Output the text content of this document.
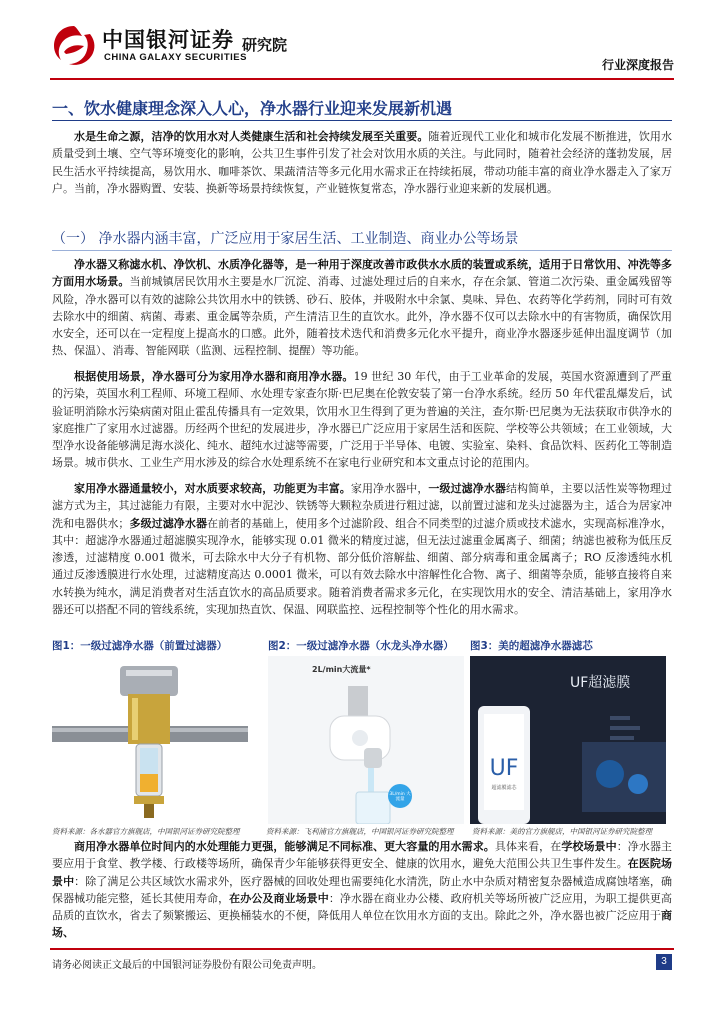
中国银河证券
CHINA GALAXY SECURITIES
研究院
行业深度报告
一、饮水健康理念深入人心，净水器行业迎来发展新机遇

水是生命之源，洁净的饮用水对人类健康生活和社会持续发展至关重要。随着近现代工业化和城市化发展不断推进，饮用水质量受到土壤、空气等环境变化的影响，公共卫生事件引发了社会对饮用水质的关注。与此同时，随着社会经济的蓬勃发展，居民生活水平持续提高，易饮用水、咖啡茶饮、果蔬清洁等多元化用水需求正在持续拓展，带动功能丰富的商业净水器走入了家万户。当前，净水器购置、安装、换新等场景持续恢复，产业链恢复常态，净水器行业迎来新的发展机遇。

（一） 净水器内涵丰富，广泛应用于家居生活、工业制造、商业办公等场景

净水器又称滤水机、净饮机、水质净化器等，是一种用于深度改善市政供水水质的装置或系统，适用于日常饮用、冲洗等多方面用水场景。当前城镇居民饮用水主要是水厂沉淀、消毒、过滤处理过后的自来水，存在余氯、管道二次污染、重金属残留等风险，净水器可以有效的滤除公共饮用水中的铁锈、砂石、胶体，并吸附水中余氯、臭味、异色、农药等化学药剂，同时可有效去除水中的细菌、病菌、毒素、重金属等杂质，产生清洁卫生的直饮水。此外，净水器不仅可以去除水中的有害物质，确保饮用水安全，还可以在一定程度上提高水的口感。此外，随着技术迭代和消费多元化水平提升，商业净水器逐步延伸出温度调节（加热、保温）、消毒、智能网联（监测、远程控制、提醒）等功能。

根据使用场景，净水器可分为家用净水器和商用净水器。19 世纪 30 年代，由于工业革命的发展，英国水资源遭到了严重的污染，英国水利工程师、环境工程师、水处理专家查尔斯·巴尼奥在伦敦安装了第一台净水系统。经历 50 年代霍乱爆发后，试验证明消除水污染病菌对阻止霍乱传播具有一定效果，饮用水卫生得到了更为普遍的关注，查尔斯·巴尼奥为无法获取市供净水的家庭推广了家用水过滤器。历经两个世纪的发展进步，净水器已广泛应用于家居生活和医院、学校等公共领域；在工业领域，大型净水设备能够满足海水淡化、纯水、超纯水过滤等需要，广泛用于半导体、电镀、实验室、染料、食品饮料、医药化工等制造场景。城市供水、工业生产用水涉及的综合水处理系统不在家电行业研究和本文重点讨论的范围内。

家用净水器通量较小，对水质要求较高，功能更为丰富。家用净水器中，一级过滤净水器结构简单，主要以活性炭等物理过滤方式为主，其过滤能力有限，主要对水中泥沙、铁锈等大颗粒杂质进行粗过滤，以前置过滤和龙头过滤器为主，适合为居家冲洗和电器供水；多级过滤净水器在前者的基础上，使用多个过滤阶段、组合不同类型的过滤介质或技术滤水，实现高标准净水，其中：超滤净水器通过超滤膜实现净水，能够实现 0.01 微米的精度过滤，但无法过滤重金属离子、细菌；纳滤也被称为低压反渗透，过滤精度 0.001 微米，可去除水中大分子有机物、部分低价溶解盐、细菌、部分病毒和重金属离子；RO 反渗透纯水机通过反渗透膜进行水处理，过滤精度高达 0.0001 微米，可以有效去除水中溶解性化合物、离子、细菌等杂质，能够直接将自来水转换为纯水，满足消费者对生活直饮水的高品质要求。随着消费者需求多元化，在实现饮用水的安全、清洁基础上，家用净水器还可以搭配不同的管线系统，实现加热直饮、保温、网联监控、远程控制等个性化的用水需求。

图1：一级过滤净水器（前置过滤器）	图2：一级过滤净水器（水龙头净水器） 图3：美的超滤净水器滤芯
2L/min大流量*
3L/min 大流量
UF超滤膜
UF
超滤膜滤芯
资料来源：各水器官方旗舰店，中国银河证券研究院整理	资料来源：飞利浦官方旗舰店，中国银河证券研究院整理 资料来源：美的官方旗舰店，中国银河证券研究院整理

商用净水器单位时间内的水处理能力更强，能够满足不同标准、更大容量的用水需求。具体来看，在学校场景中：净水器主要应用于食堂、教学楼、行政楼等场所，确保青少年能够获得更安全、健康的饮用水，避免大范围公共卫生事件发生。在医院场景中：除了满足公共区域饮水需求外，医疗器械的回收处理也需要纯化水清洗，防止水中杂质对精密复杂器械造成腐蚀堵塞，确保器械功能完整，延长其使用寿命，在办公及商业场景中：净水器在商业办公楼、政府机关等场所被广泛应用，为职工提供更高品质的直饮水，省去了频繁搬运、更换桶装水的不便，降低用人单位在饮用水方面的支出。除此之外，净水器也被广泛应用于商场、

请务必阅读正文最后的中国银河证券股份有限公司免责声明。	3
